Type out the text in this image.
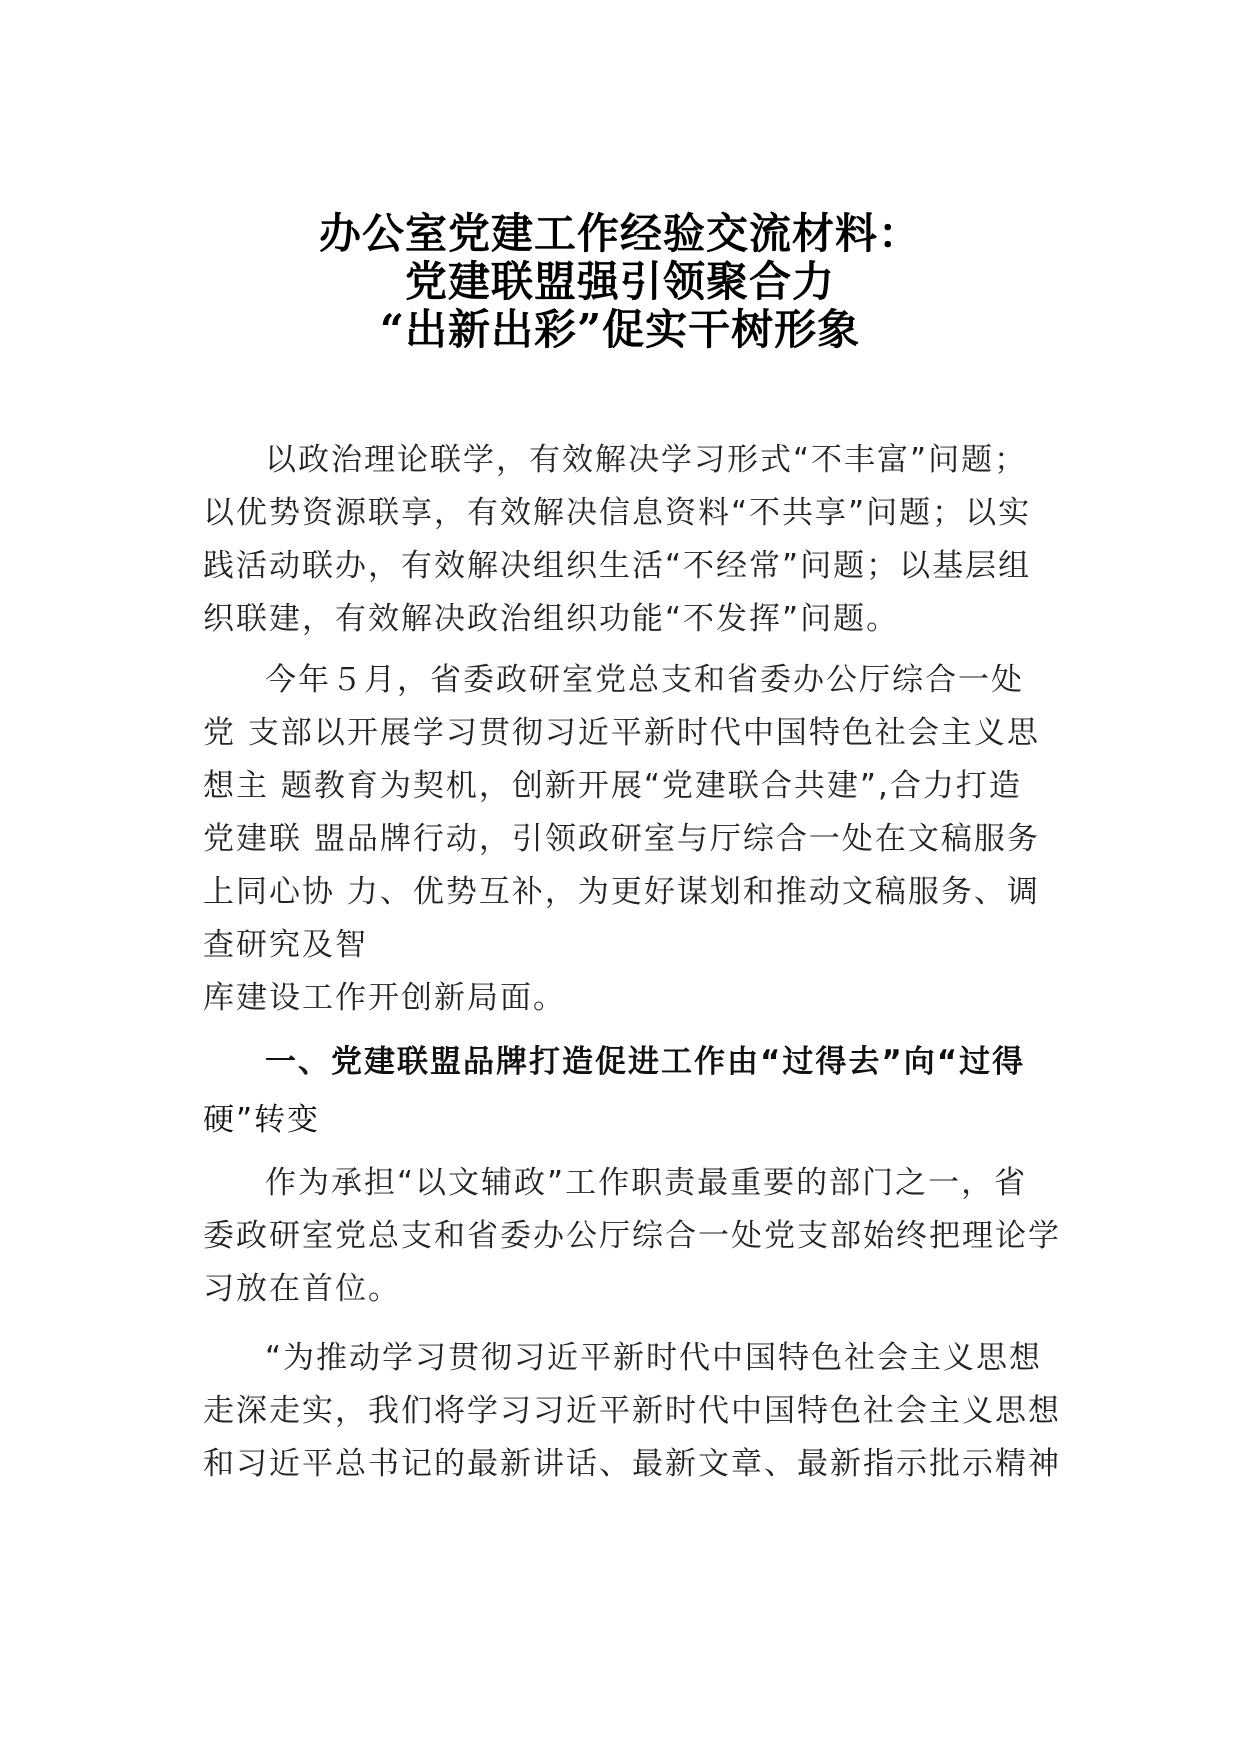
办公室党建工作经验交流材料：
党建联盟强引领聚合力
“出新出彩”促实干树形象
以政治理论联学，有效解决学习形式“不丰富”问题；
以优势资源联享，有效解决信息资料“不共享”问题；以实
践活动联办，有效解决组织生活“不经常”问题；以基层组
织联建，有效解决政治组织功能“不发挥”问题。
今年５月，省委政研室党总支和省委办公厅综合一处
党 支部以开展学习贯彻习近平新时代中国特色社会主义思
想主 题教育为契机，创新开展“党建联合共建”,合力打造
党建联 盟品牌行动，引领政研室与厅综合一处在文稿服务
上同心协 力、优势互补，为更好谋划和推动文稿服务、调
查研究及智
库建设工作开创新局面。
一、党建联盟品牌打造促进工作由“过得去”向“过得
硬”转变
作为承担“以文辅政”工作职责最重要的部门之一，省
委政研室党总支和省委办公厅综合一处党支部始终把理论学
习放在首位。
“为推动学习贯彻习近平新时代中国特色社会主义思想
走深走实，我们将学习习近平新时代中国特色社会主义思想
和习近平总书记的最新讲话、最新文章、最新指示批示精神
